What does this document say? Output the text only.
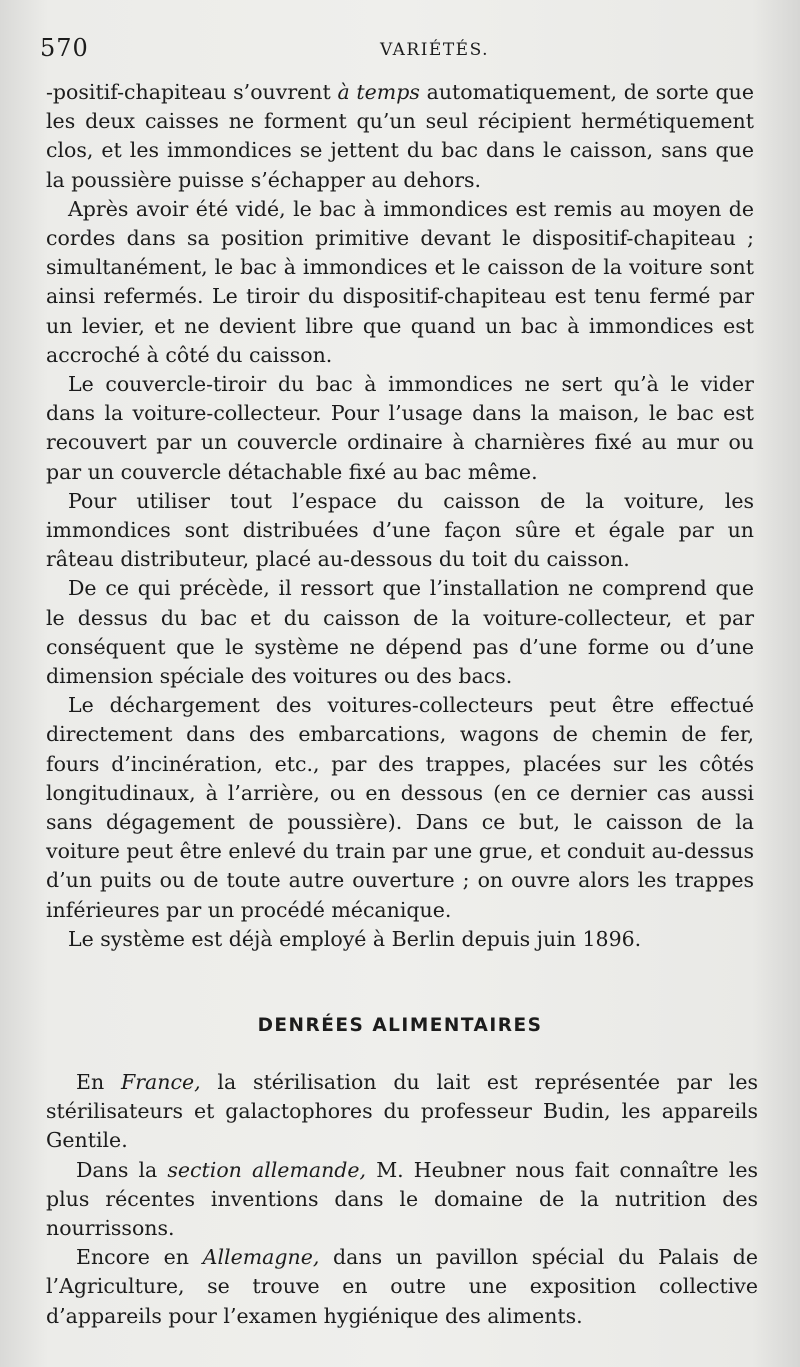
570	VARIÉTÉS.

-positif-chapiteau s’ouvrent à temps automatiquement, de sorte que les deux caisses ne forment qu’un seul récipient hermétiquement clos, et les immondices se jettent du bac dans le caisson, sans que la poussière puisse s’échapper au dehors.

Après avoir été vidé, le bac à immondices est remis au moyen de cordes dans sa position primitive devant le dispositif-chapiteau ; simultanément, le bac à immondices et le caisson de la voiture sont ainsi refermés. Le tiroir du dispositif-chapiteau est tenu fermé par un levier, et ne devient libre que quand un bac à immondices est accroché à côté du caisson.

Le couvercle-tiroir du bac à immondices ne sert qu’à le vider dans la voiture-collecteur. Pour l’usage dans la maison, le bac est recouvert par un couvercle ordinaire à charnières fixé au mur ou par un couvercle détachable fixé au bac même.

Pour utiliser tout l’espace du caisson de la voiture, les immondices sont distribuées d’une façon sûre et égale par un râteau distributeur, placé au-dessous du toit du caisson.

De ce qui précède, il ressort que l’installation ne comprend que le dessus du bac et du caisson de la voiture-collecteur, et par conséquent que le système ne dépend pas d’une forme ou d’une dimension spéciale des voitures ou des bacs.

Le déchargement des voitures-collecteurs peut être effectué directement dans des embarcations, wagons de chemin de fer, fours d’incinération, etc., par des trappes, placées sur les côtés longitudinaux, à l’arrière, ou en dessous (en ce dernier cas aussi sans dégagement de poussière). Dans ce but, le caisson de la voiture peut être enlevé du train par une grue, et conduit au-dessus d’un puits ou de toute autre ouverture ; on ouvre alors les trappes inférieures par un procédé mécanique.

Le système est déjà employé à Berlin depuis juin 1896.

DENRÉES ALIMENTAIRES

En France, la stérilisation du lait est représentée par les stérilisateurs et galactophores du professeur Budin, les appareils Gentile.

Dans la section allemande, M. Heubner nous fait connaître les plus récentes inventions dans le domaine de la nutrition des nourrissons.

Encore en Allemagne, dans un pavillon spécial du Palais de l’Agriculture, se trouve en outre une exposition collective d’appareils pour l’examen hygiénique des aliments.
